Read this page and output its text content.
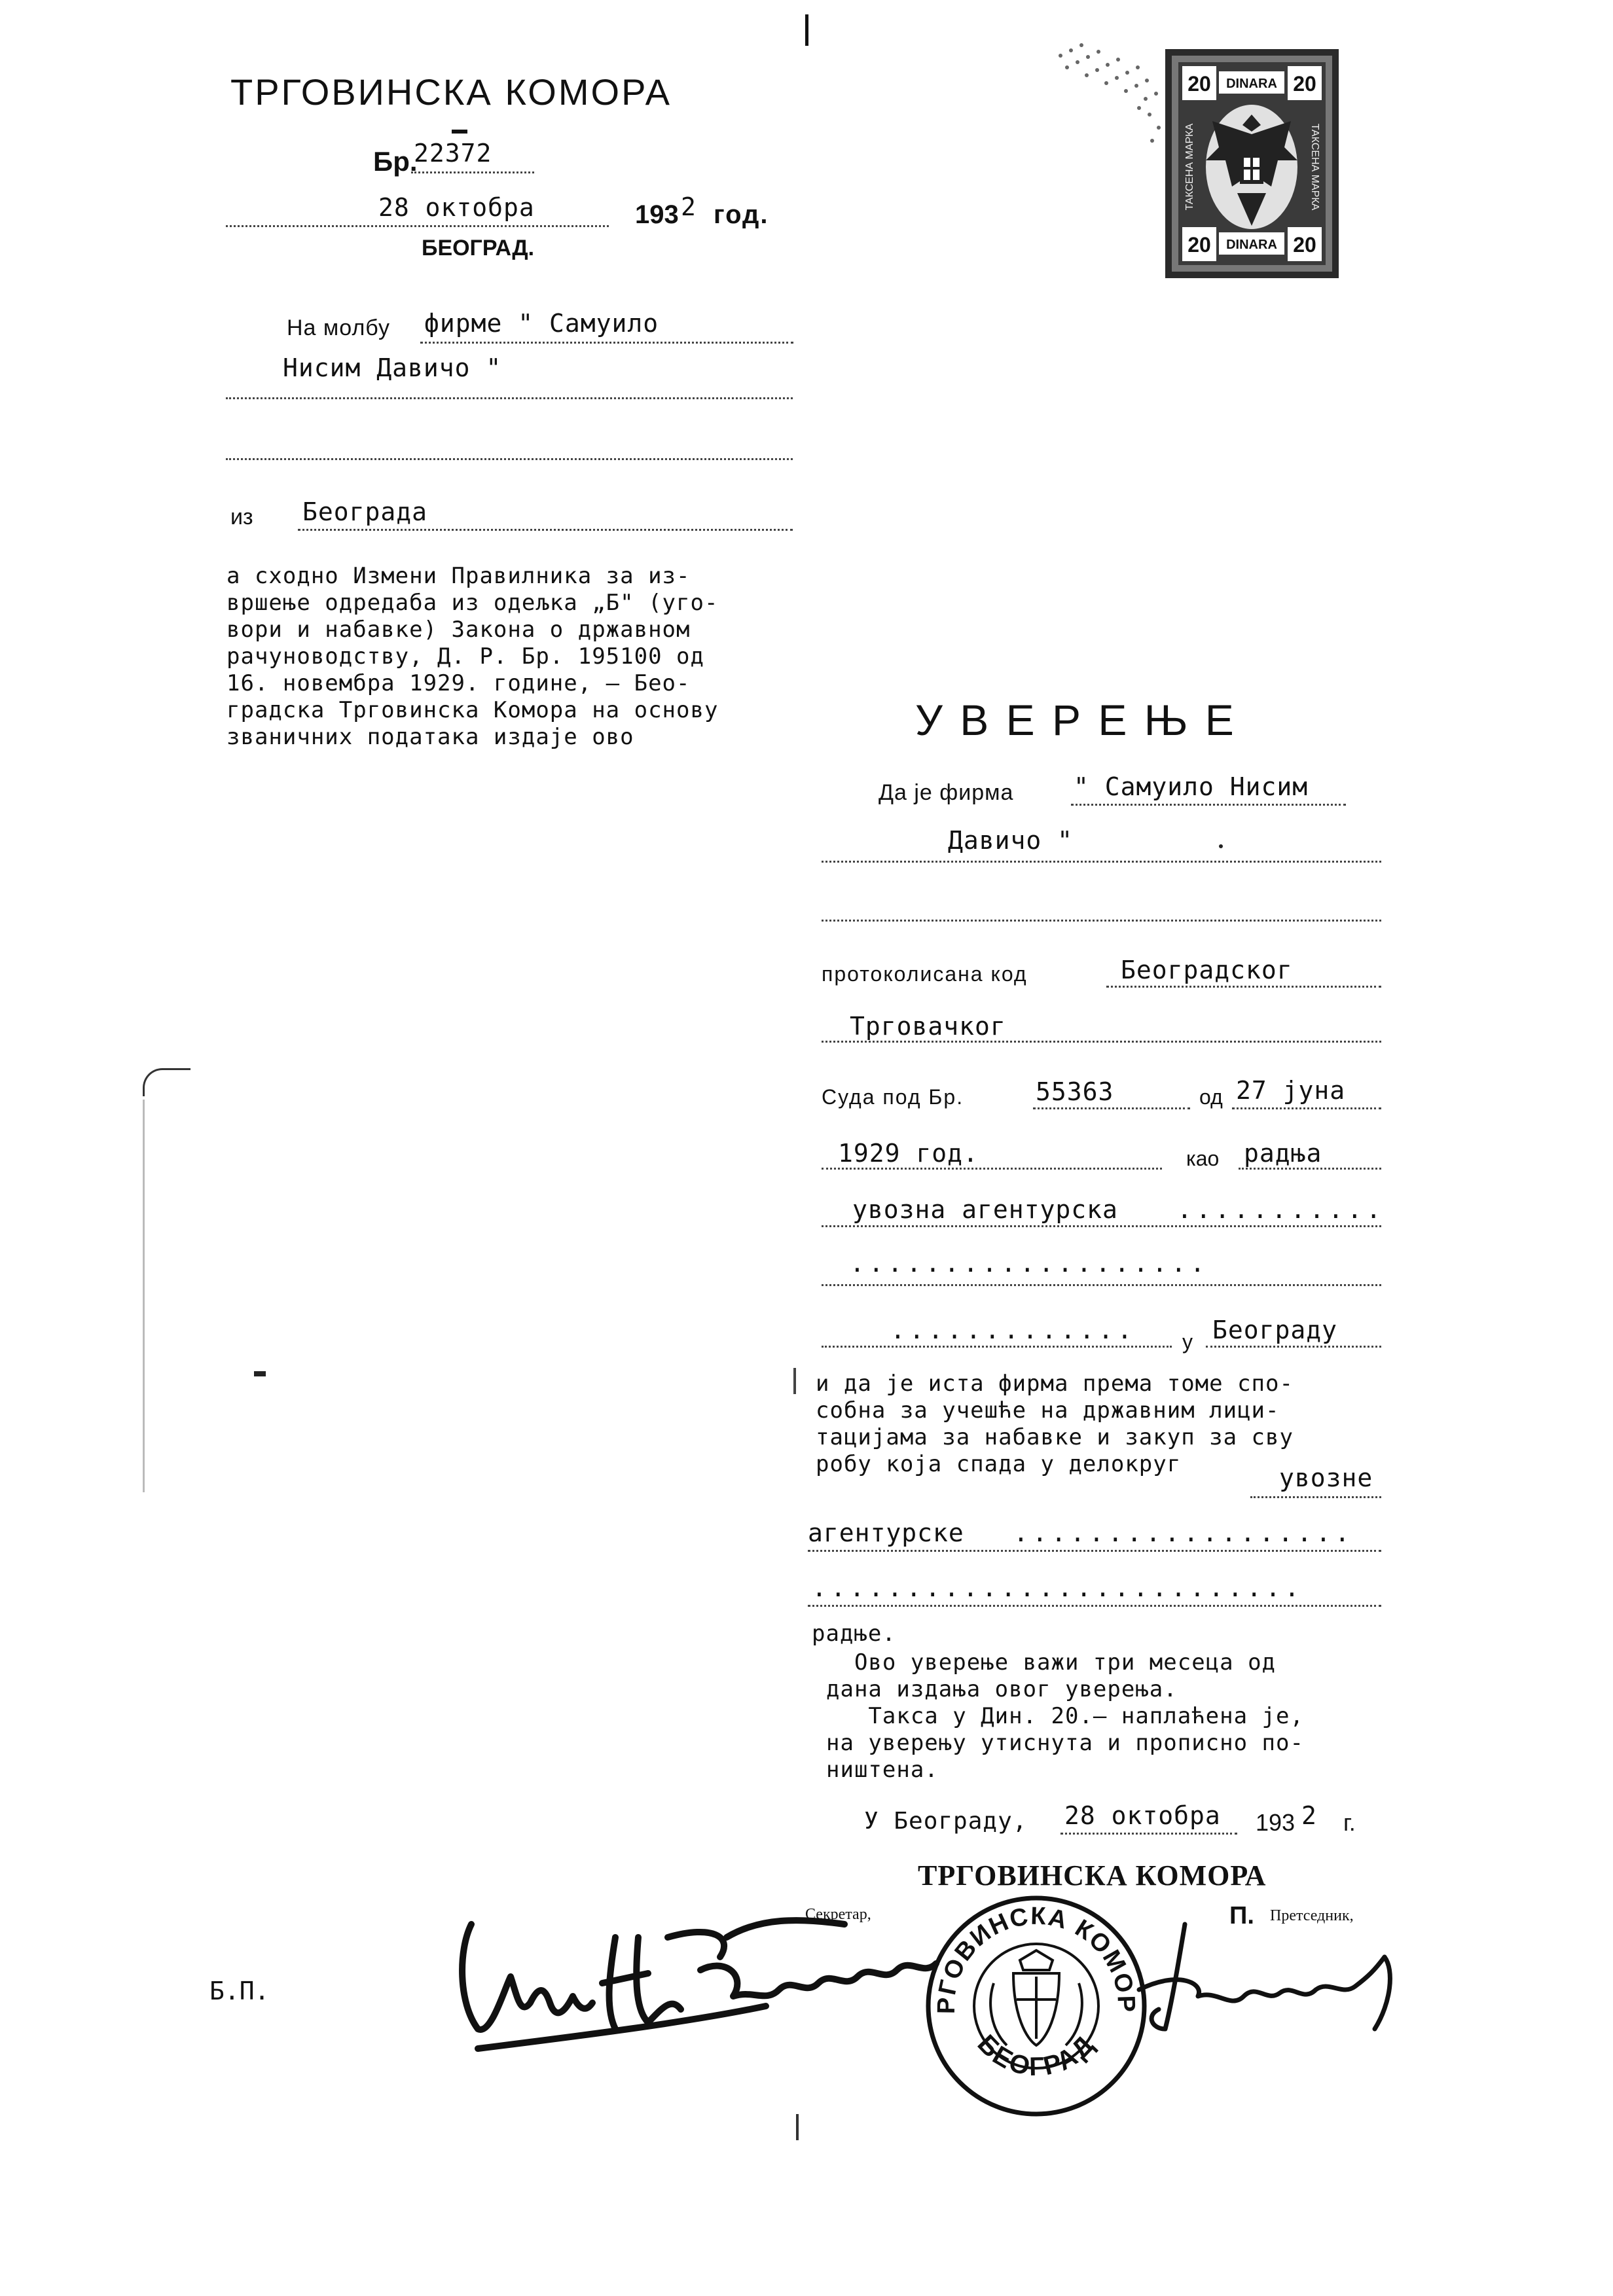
ТРГОВИНСКА КОМОРА
Бр.
22372
28 октобра	193 2 год.
БЕОГРАД.
20	20
20	20
DINARA
DINARA
ТАКСЕНА МАРКА	ТАКСЕНА МАРКА
На молбу фирме " Самуило
Нисим Давичо "
из Београда
а сходно Измени Правилника за из-
вршење одредаба из одељка „Б" (уго-
вори и набавке) Закона о државном
рачуноводству, Д. Р. Бр. 195100 од
16. новембра 1929. године, — Бео-
градска Трговинска Комора на основу
званичних података издаје ово	У В Е Р Е Њ Е
Да је фирма " Самуило Нисим
Давичо "
протоколисана код	Београдског
Трговачког
Суда под Бр.	55363	од 27 јуна
1929 год.	као радња
увозна агентурска ...........
...................
............. у Београду
и да је иста фирма према томе спо-
собна за учешће на државним лици-
тацијама за набавке и закуп за сву
робу која спада у делокруг	увозне
агентурске ..................
..........................
радње.
Ово уверење важи три месеца од
дана издања овог уверења.
Такса у Дин. 20.— наплаћена је,
на уверењу утиснута и прописно по-
ништена.
У Београду, 28 октобра 193 2 г.
ТРГОВИНСКА КОМОРА
Секретар,	П. Претседник,
Б.П.	РГОВИНСКА КОМОР
БЕОГРАД
